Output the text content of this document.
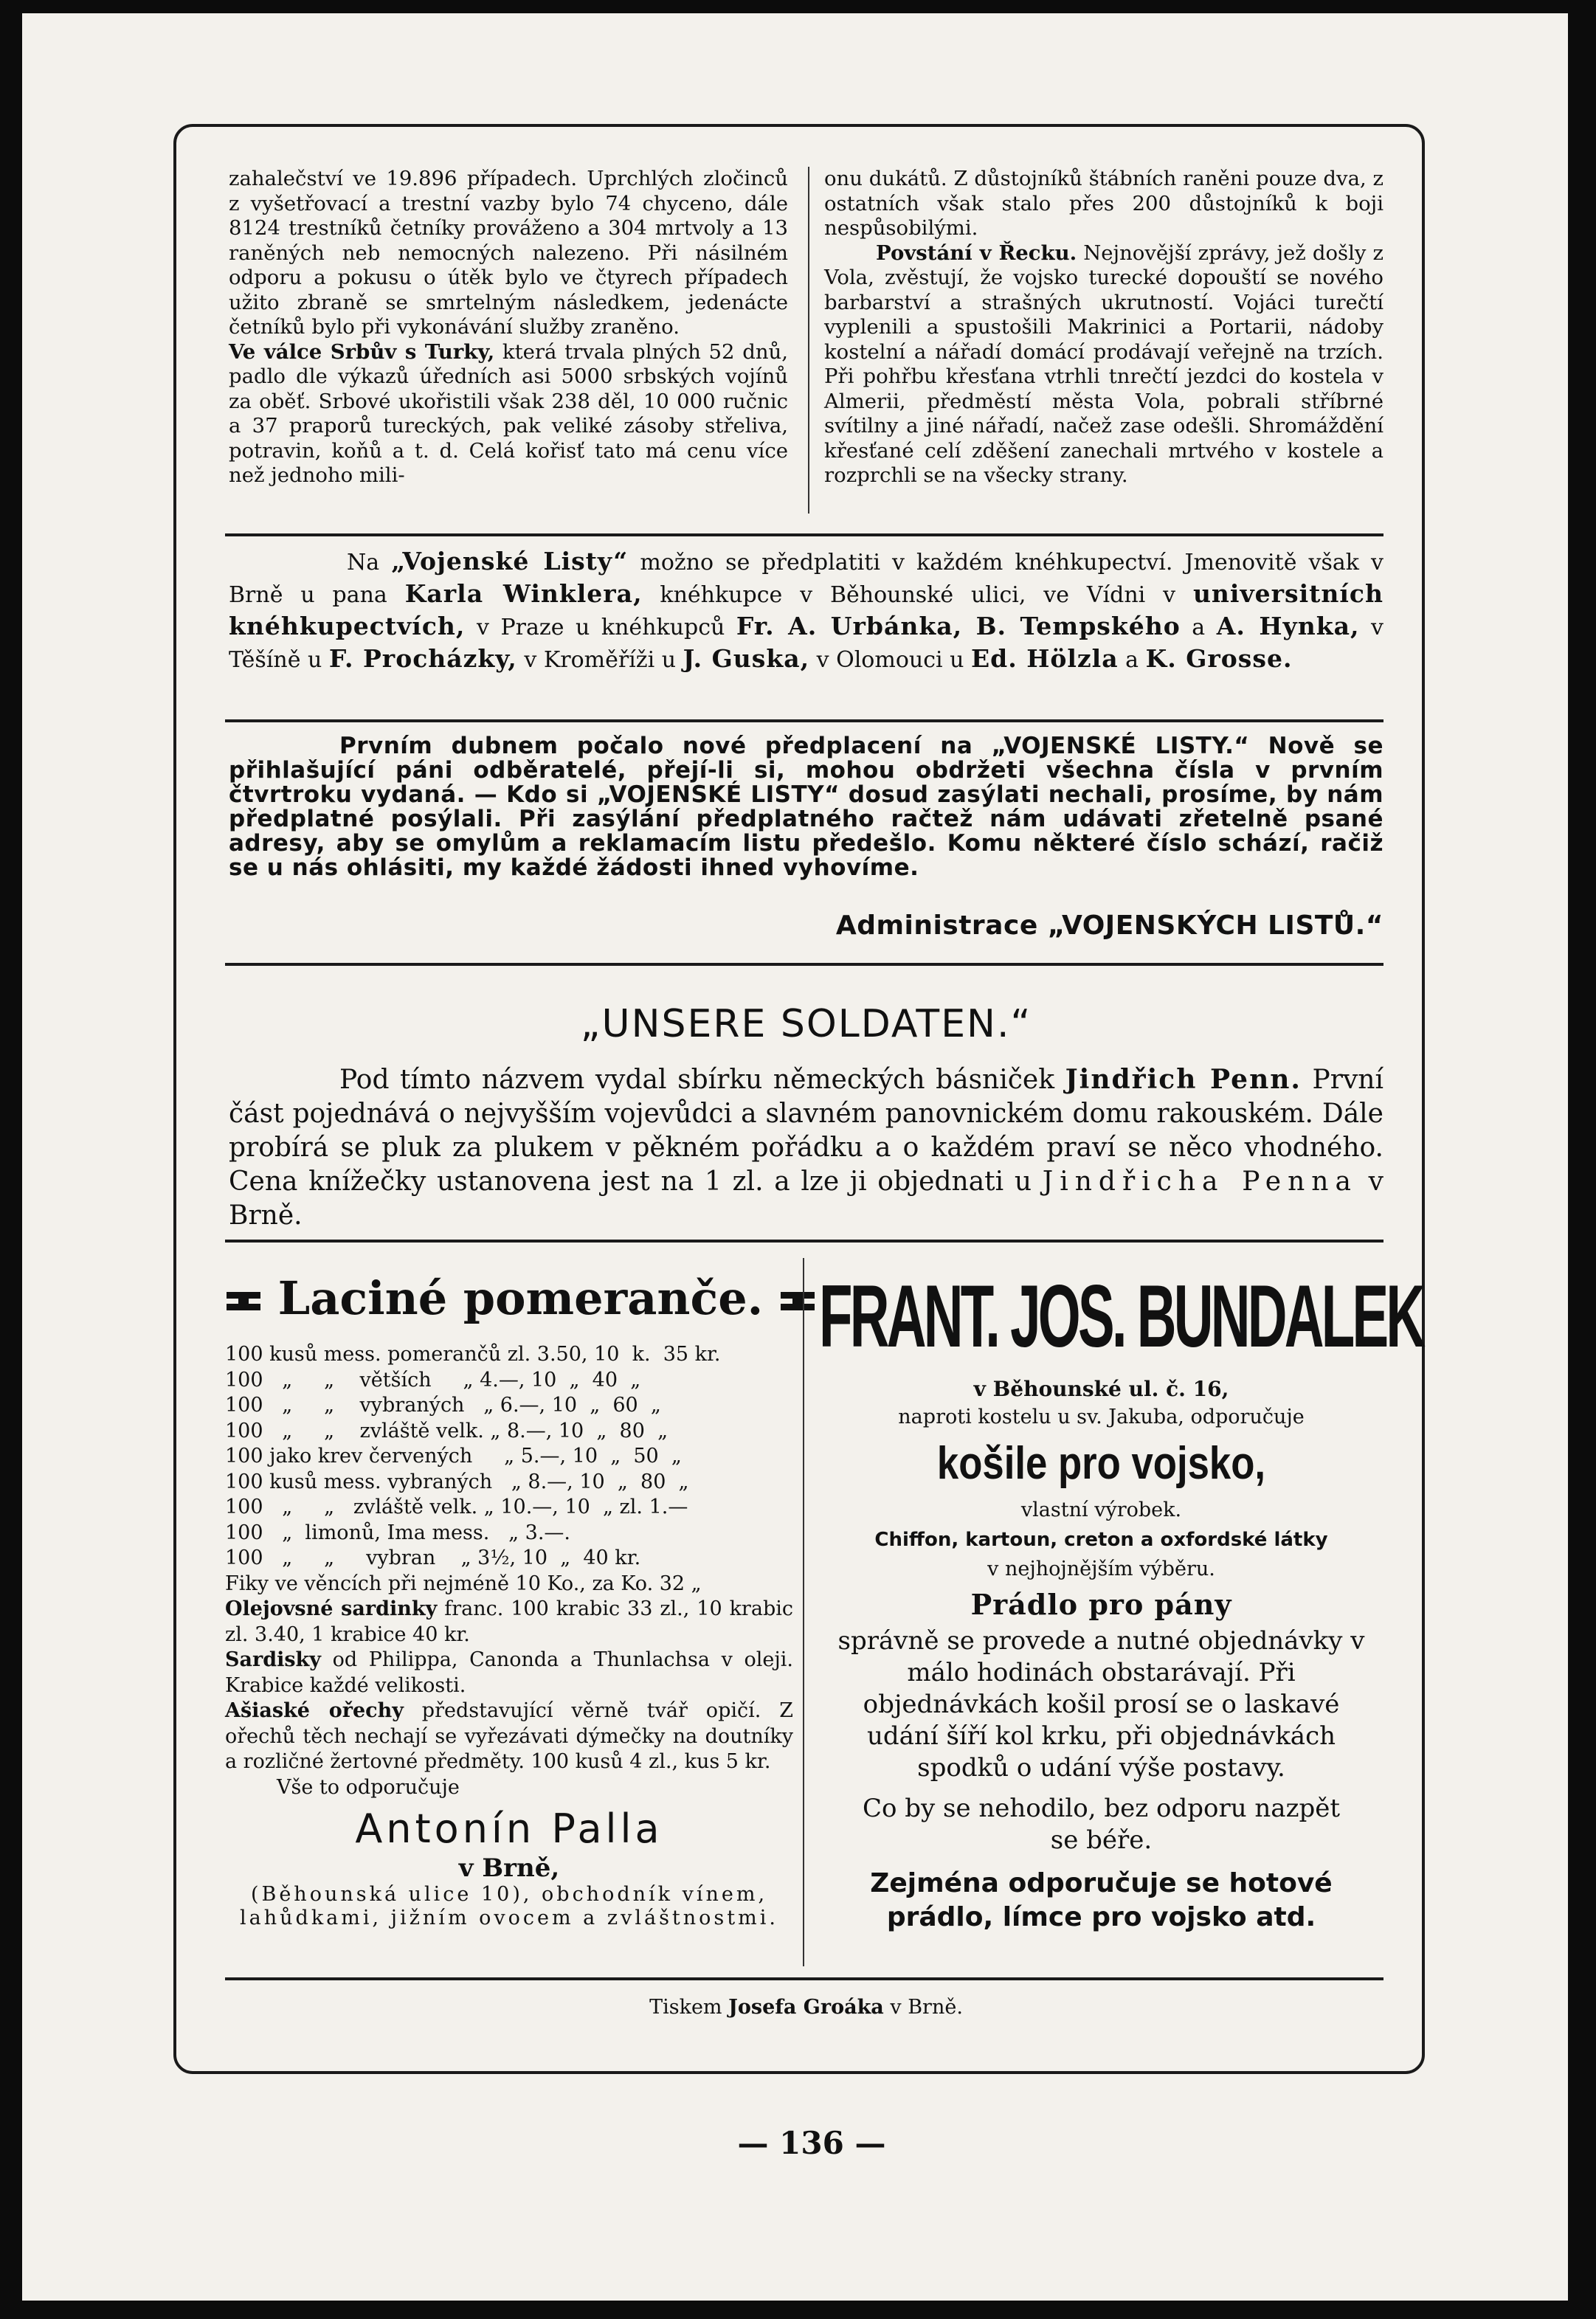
zahalečství ve 19.896 případech. Uprchlých zločinců z vyšetřovací a trestní vazby bylo 74 chyceno, dále 8124 trestníků četníky prováženo a 304 mrtvoly a 13 raněných neb nemocných nalezeno. Při násilném odporu a pokusu o útěk bylo ve čtyrech případech užito zbraně se smrtelným následkem, jedenácte četníků bylo při vykonávání služby zraněno.

Ve válce Srbův s Turky, která trvala plných 52 dnů, padlo dle výkazů úředních asi 5000 srbských vojínů za oběť. Srbové ukořistili však 238 děl, 10 000 ručnic a 37 praporů tureckých, pak veliké zásoby střeliva, potravin, koňů a t. d. Celá kořisť tato má cenu více než jednoho mili-

onu dukátů. Z důstojníků štábních raněni pouze dva, z ostatních však stalo přes 200 důstojníků k boji nespůsobilými.

Povstání v Řecku. Nejnovější zprávy, jež došly z Vola, zvěstují, že vojsko turecké dopouští se nového barbarství a strašných ukrutností. Vojáci turečtí vyplenili a spustošili Makrinici a Portarii, nádoby kostelní a nářadí domácí prodávají veřejně na trzích. Při pohřbu křesťana vtrhli tnrečtí jezdci do kostela v Almerii, předměstí města Vola, pobrali stříbrné svítilny a jiné nářadí, načež zase odešli. Shromáždění křesťané celí zděšení zanechali mrtvého v kostele a rozprchli se na všecky strany.

Na „Vojenské Listy“ možno se předplatiti v každém knéhkupectví. Jmenovitě však v Brně u pana Karla Winklera, knéhkupce v Běhounské ulici, ve Vídni v universitních knéhkupectvích, v Praze u knéhkupců Fr. A. Urbánka, B. Tempského a A. Hynka, v Těšíně u F. Procházky, v Kroměříži u J. Guska, v Olomouci u Ed. Hölzla a K. Grosse.
Prvním dubnem počalo nové předplacení na „VOJENSKÉ LISTY.“ Nově se přihlašující páni odběratelé, přejí-li si, mohou obdržeti všechna čísla v prvním čtvrtroku vydaná. — Kdo si „VOJENSKÉ LISTY“ dosud zasýlati nechali, prosíme, by nám předplatné posýlali. Při zasýlání předplatného račtež nám udávati zřetelně psané adresy, aby se omylům a reklamacím listu předešlo. Komu některé číslo schází, račiž se u nás ohlásiti, my každé žádosti ihned vyhovíme.
Administrace „VOJENSKÝCH LISTŮ.“
„UNSERE SOLDATEN.“
Pod tímto názvem vydal sbírku německých básniček Jindřich Penn. První část pojednává o nejvyšším vojevůdci a slavném panovnickém domu rakouském. Dále probírá se pluk za plukem v pěkném pořádku a o každém praví se něco vhodného. Cena knížečky ustanovena jest na 1 zl. a lze ji objednati u Jindřicha Penna v Brně.
Laciné pomeranče.
100 kusů mess. pomerančů zl. 3.50, 10  k.  35 kr.
100   „     „    větších     „ 4.—, 10  „  40  „
100   „     „    vybraných   „ 6.—, 10  „  60  „
100   „     „    zvláště velk. „ 8.—, 10  „  80  „
100 jako krev červených     „ 5.—, 10  „  50  „
100 kusů mess. vybraných   „ 8.—, 10  „  80  „
100   „     „   zvláště velk. „ 10.—, 10  „ zl. 1.—
100   „  limonů, Ima mess.   „ 3.—.
100   „     „     vybran    „ 3½, 10  „  40 kr.
Fiky ve věncích při nejméně 10 Ko., za Ko. 32 „
Olejovsné sardinky franc. 100 krabic 33 zl., 10 krabic zl. 3.40, 1 krabice 40 kr.
Sardisky od Philippa, Canonda a Thunlachsa v oleji. Krabice každé velikosti.
Ašiaské ořechy představující věrně tvář opičí. Z ořechů těch nechají se vyřezávati dýmečky na doutníky a rozličné žertovné předměty. 100 kusů 4 zl., kus 5 kr.
Vše to odporučuje
Antonín Palla
v Brně,
(Běhounská ulice 10), obchodník vínem, lahůdkami, jižním ovocem a zvláštnostmi.
FRANT. JOS. BUNDALEK
v Běhounské ul. č. 16,
naproti kostelu u sv. Jakuba, odporučuje
košile pro vojsko,
vlastní výrobek.
Chiffon, kartoun, creton a oxfordské látky
v nejhojnějším výběru.
Prádlo pro pány
správně se provede a nutné objednávky v málo hodinách obstarávají. Při objednávkách košil prosí se o laskavé udání šíří kol krku, při objednávkách spodků o udání výše postavy.
Co by se nehodilo, bez odporu nazpět se béře.
Zejména odporučuje se hotové prádlo, límce pro vojsko atd.
Tiskem Josefa Groáka v Brně.
— 136 —
